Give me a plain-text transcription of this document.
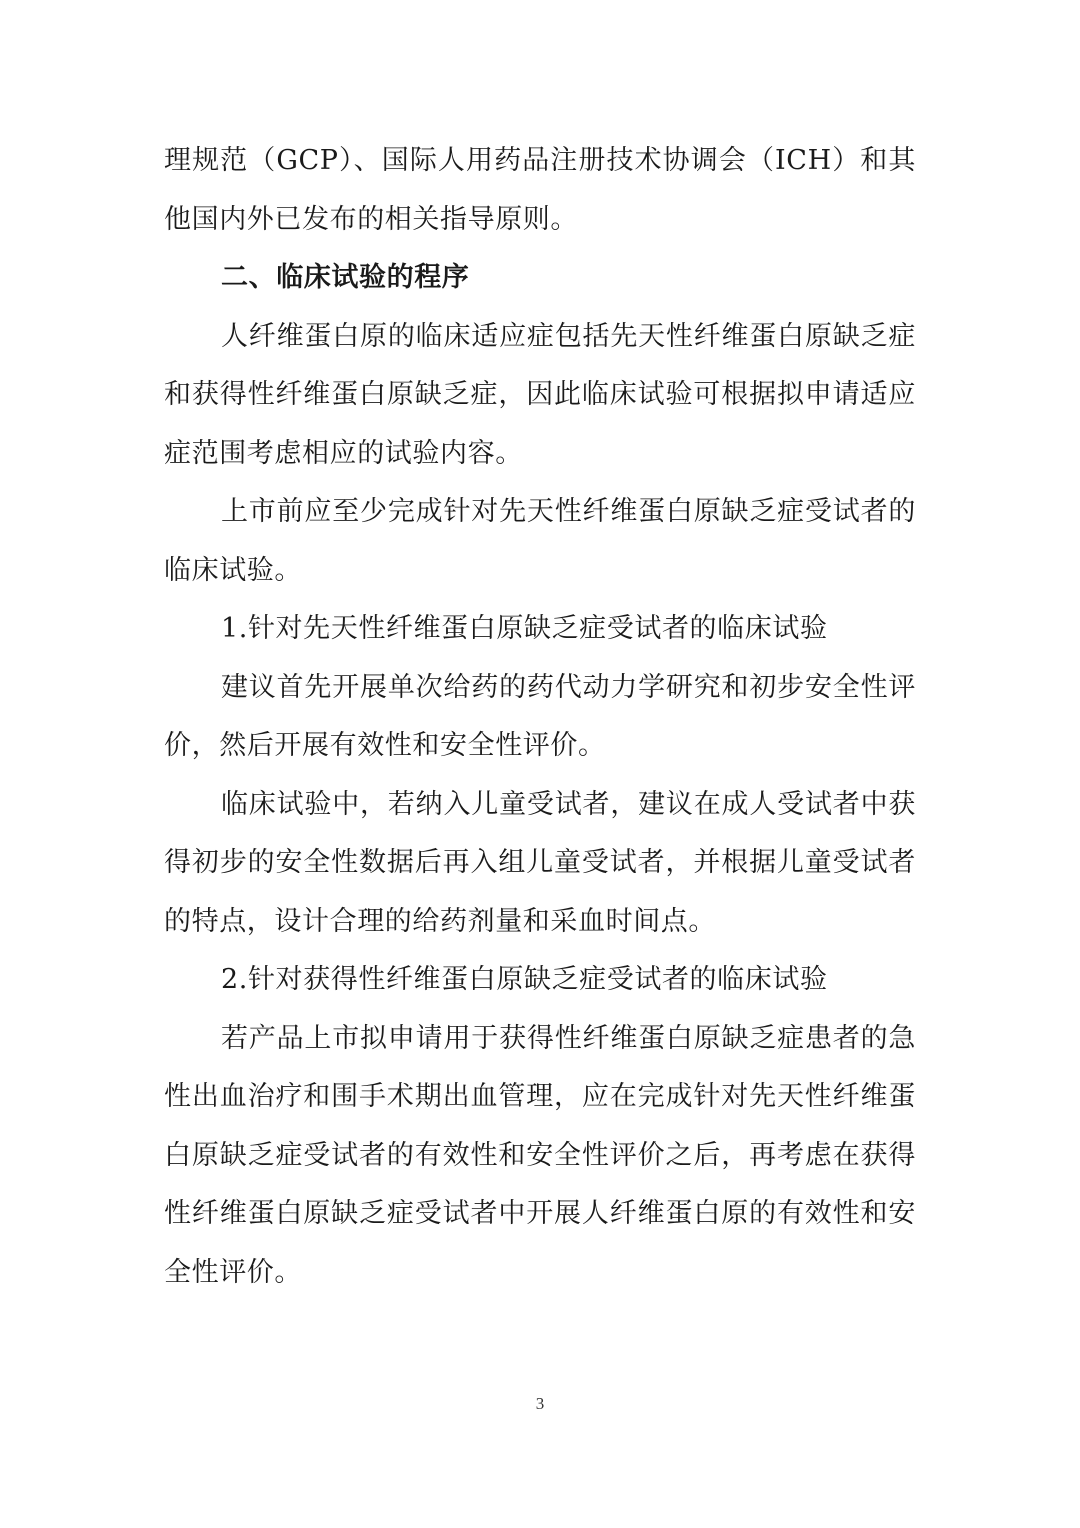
理规范（GCP）、国际人用药品注册技术协调会（ICH）和其他国内外已发布的相关指导原则。

二、临床试验的程序

人纤维蛋白原的临床适应症包括先天性纤维蛋白原缺乏症和获得性纤维蛋白原缺乏症，因此临床试验可根据拟申请适应症范围考虑相应的试验内容。

上市前应至少完成针对先天性纤维蛋白原缺乏症受试者的临床试验。

1.针对先天性纤维蛋白原缺乏症受试者的临床试验

建议首先开展单次给药的药代动力学研究和初步安全性评价，然后开展有效性和安全性评价。

临床试验中，若纳入儿童受试者，建议在成人受试者中获得初步的安全性数据后再入组儿童受试者，并根据儿童受试者的特点，设计合理的给药剂量和采血时间点。

2.针对获得性纤维蛋白原缺乏症受试者的临床试验

若产品上市拟申请用于获得性纤维蛋白原缺乏症患者的急性出血治疗和围手术期出血管理，应在完成针对先天性纤维蛋白原缺乏症受试者的有效性和安全性评价之后，再考虑在获得性纤维蛋白原缺乏症受试者中开展人纤维蛋白原的有效性和安全性评价。

3
